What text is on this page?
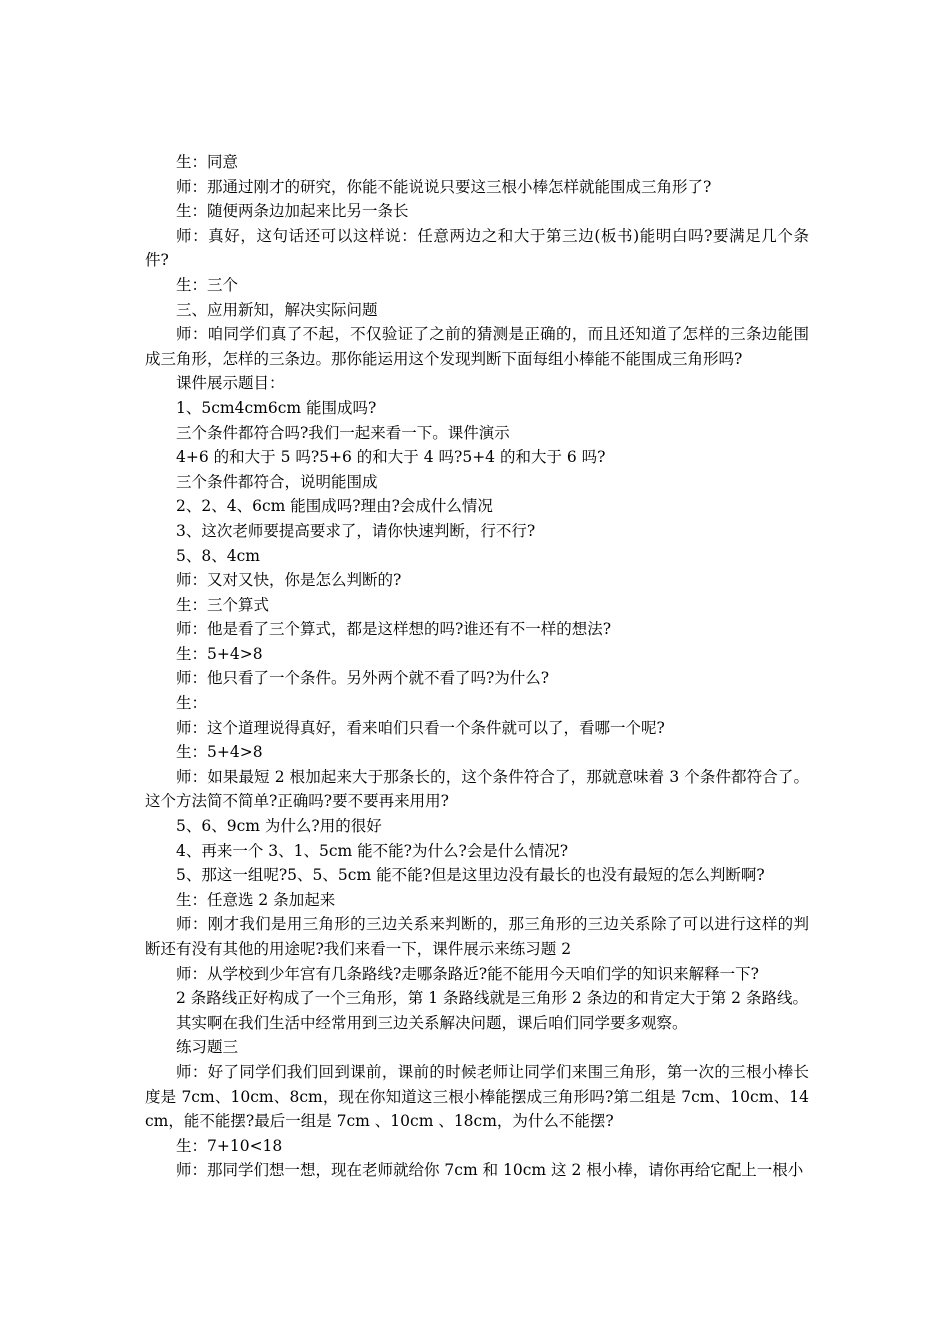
生：同意

师：那通过刚才的研究，你能不能说说只要这三根小棒怎样就能围成三角形了?

生：随便两条边加起来比另一条长

师：真好，这句话还可以这样说：任意两边之和大于第三边(板书)能明白吗?要满足几个条件?

生：三个

三、应用新知，解决实际问题

师：咱同学们真了不起，不仅验证了之前的猜测是正确的，而且还知道了怎样的三条边能围成三角形，怎样的三条边。那你能运用这个发现判断下面每组小棒能不能围成三角形吗?

课件展示题目：

1、5cm4cm6cm 能围成吗?

三个条件都符合吗?我们一起来看一下。课件演示

4+6 的和大于 5 吗?5+6 的和大于 4 吗?5+4 的和大于 6 吗?

三个条件都符合，说明能围成

2、2、4、6cm 能围成吗?理由?会成什么情况

3、这次老师要提高要求了，请你快速判断，行不行?

5、8、4cm

师：又对又快，你是怎么判断的?

生：三个算式

师：他是看了三个算式，都是这样想的吗?谁还有不一样的想法?

生：5+4>8

师：他只看了一个条件。另外两个就不看了吗?为什么?

生：

师：这个道理说得真好，看来咱们只看一个条件就可以了，看哪一个呢?

生：5+4>8

师：如果最短 2 根加起来大于那条长的，这个条件符合了，那就意味着 3 个条件都符合了。这个方法简不简单?正确吗?要不要再来用用?

5、6、9cm 为什么?用的很好

4、再来一个 3、1、5cm 能不能?为什么?会是什么情况?

5、那这一组呢?5、5、5cm 能不能?但是这里边没有最长的也没有最短的怎么判断啊?

生：任意选 2 条加起来

师：刚才我们是用三角形的三边关系来判断的，那三角形的三边关系除了可以进行这样的判断还有没有其他的用途呢?我们来看一下，课件展示来练习题 2

师：从学校到少年宫有几条路线?走哪条路近?能不能用今天咱们学的知识来解释一下?

2 条路线正好构成了一个三角形，第 1 条路线就是三角形 2 条边的和肯定大于第 2 条路线。

其实啊在我们生活中经常用到三边关系解决问题，课后咱们同学要多观察。

练习题三

师：好了同学们我们回到课前，课前的时候老师让同学们来围三角形，第一次的三根小棒长度是 7cm、10cm、8cm，现在你知道这三根小棒能摆成三角形吗?第二组是 7cm、10cm、14cm，能不能摆?最后一组是 7cm 、10cm 、18cm，为什么不能摆?

生：7+10<18

师：那同学们想一想，现在老师就给你 7cm 和 10cm 这 2 根小棒，请你再给它配上一根小
